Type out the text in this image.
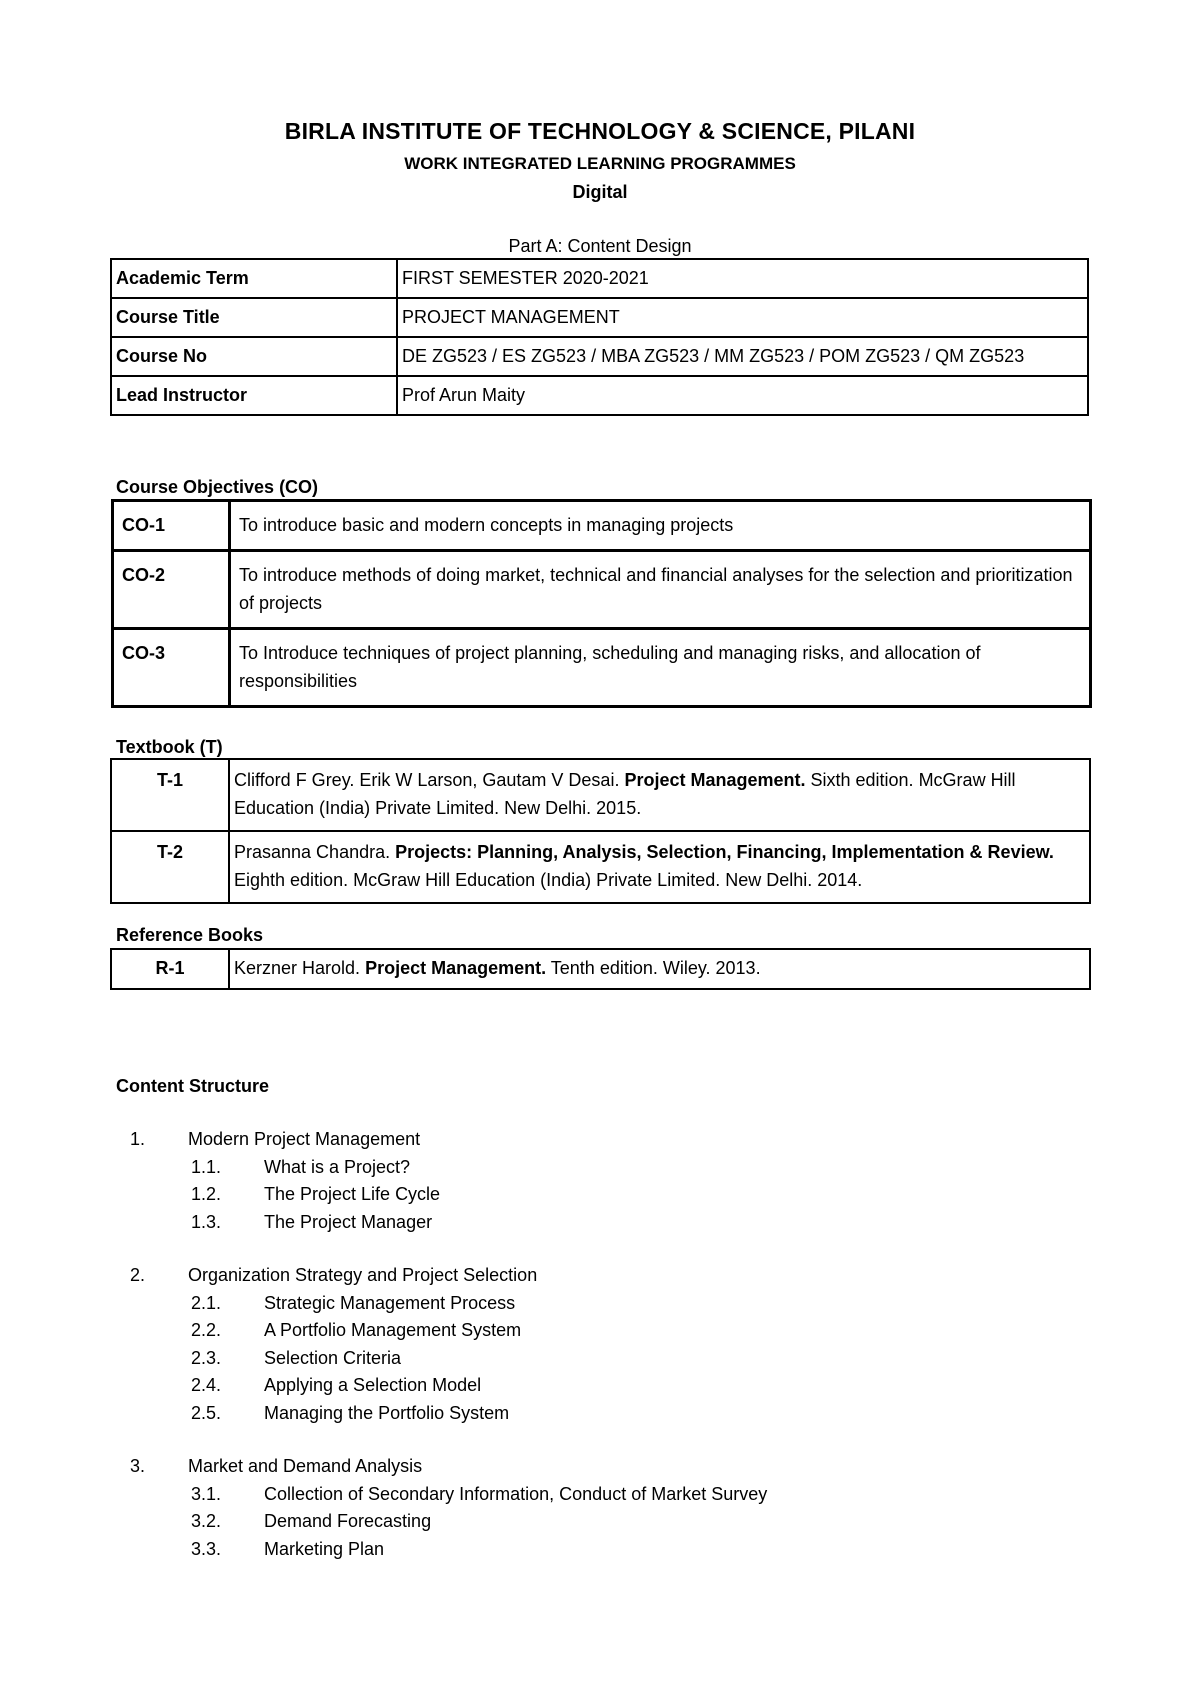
BIRLA INSTITUTE OF TECHNOLOGY & SCIENCE, PILANI
WORK INTEGRATED LEARNING PROGRAMMES
Digital
Part A: Content Design
Academic Term	FIRST SEMESTER 2020-2021
Course Title	PROJECT MANAGEMENT
Course No	DE ZG523 / ES ZG523 / MBA ZG523 / MM ZG523 / POM ZG523 / QM ZG523
Lead Instructor	Prof Arun Maity
Course Objectives (CO)
CO-1	To introduce basic and modern concepts in managing projects
CO-2	To introduce methods of doing market, technical and financial analyses for the selection and prioritization of projects
CO-3	To Introduce techniques of project planning, scheduling and managing risks, and allocation of responsibilities
Textbook (T)
T-1	Clifford F Grey. Erik W Larson, Gautam V Desai. Project Management. Sixth edition. McGraw Hill Education (India) Private Limited. New Delhi. 2015.
T-2	Prasanna Chandra. Projects: Planning, Analysis, Selection, Financing, Implementation & Review. Eighth edition. McGraw Hill Education (India) Private Limited. New Delhi. 2014.
Reference Books
R-1	Kerzner Harold. Project Management. Tenth edition. Wiley. 2013.
Content Structure
1. Modern Project Management
1.1. What is a Project?
1.2. The Project Life Cycle
1.3. The Project Manager
2. Organization Strategy and Project Selection
2.1. Strategic Management Process
2.2. A Portfolio Management System
2.3. Selection Criteria
2.4. Applying a Selection Model
2.5. Managing the Portfolio System
3. Market and Demand Analysis
3.1. Collection of Secondary Information, Conduct of Market Survey
3.2. Demand Forecasting
3.3. Marketing Plan
